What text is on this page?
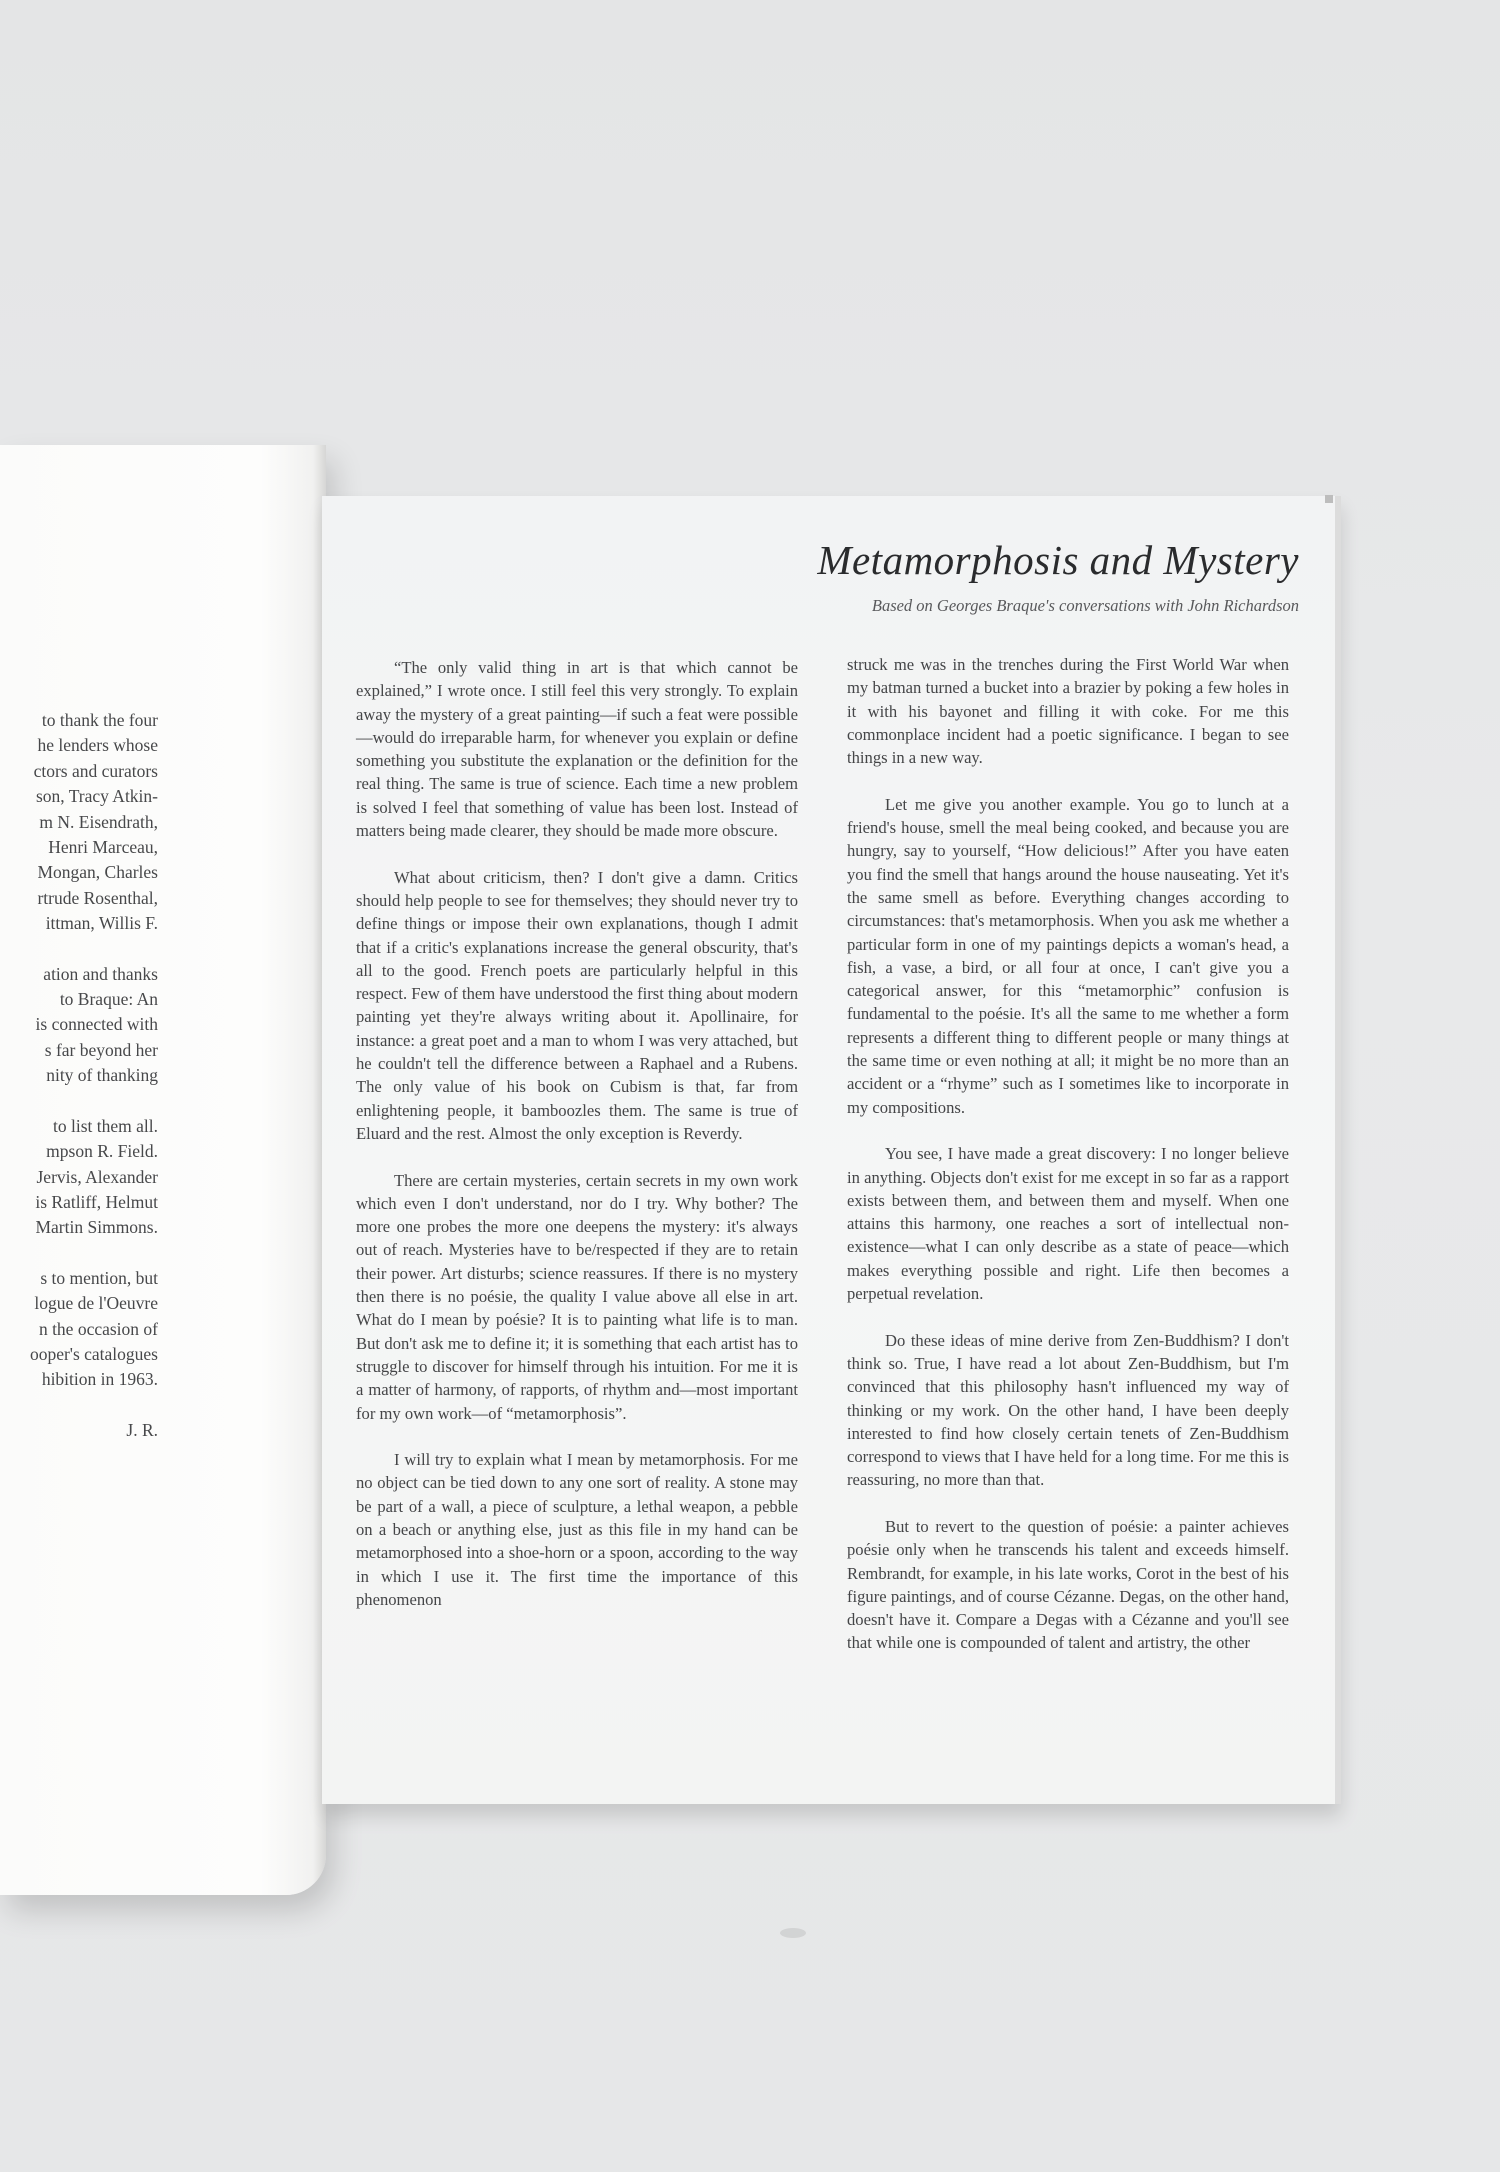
to thank the four
he lenders whose
ctors and curators
son, Tracy Atkin-
m N. Eisendrath,
Henri Marceau,
Mongan, Charles
rtrude Rosenthal,
ittman, Willis F.
ation and thanks
to Braque: An
is connected with
s far beyond her
nity of thanking
to list them all.
mpson R. Field.
Jervis, Alexander
is Ratliff, Helmut
Martin Simmons.
s to mention, but
logue de l'Oeuvre
n the occasion of
ooper's catalogues
hibition in 1963.
J. R.
Metamorphosis and Mystery

Based on Georges Braque's conversations with John Richardson

“The only valid thing in art is that which cannot be explained,” I wrote once. I still feel this very strongly. To explain away the mystery of a great painting—if such a feat were possible—would do irreparable harm, for whenever you explain or define something you substitute the explanation or the definition for the real thing. The same is true of science. Each time a new problem is solved I feel that something of value has been lost. Instead of matters being made clearer, they should be made more obscure.

What about criticism, then? I don't give a damn. Critics should help people to see for themselves; they should never try to define things or impose their own explanations, though I admit that if a critic's explanations increase the general obscurity, that's all to the good. French poets are particularly helpful in this respect. Few of them have understood the first thing about modern painting yet they're always writing about it. Apollinaire, for instance: a great poet and a man to whom I was very attached, but he couldn't tell the difference between a Raphael and a Rubens. The only value of his book on Cubism is that, far from enlightening people, it bamboozles them. The same is true of Eluard and the rest. Almost the only exception is Reverdy.

There are certain mysteries, certain secrets in my own work which even I don't understand, nor do I try. Why bother? The more one probes the more one deepens the mystery: it's always out of reach. Mysteries have to be/respected if they are to retain their power. Art disturbs; science reassures. If there is no mystery then there is no poésie, the quality I value above all else in art. What do I mean by poésie? It is to painting what life is to man. But don't ask me to define it; it is something that each artist has to struggle to discover for himself through his intuition. For me it is a matter of harmony, of rapports, of rhythm and—most important for my own work—of “metamorphosis”.

I will try to explain what I mean by metamorphosis. For me no object can be tied down to any one sort of reality. A stone may be part of a wall, a piece of sculpture, a lethal weapon, a pebble on a beach or anything else, just as this file in my hand can be metamorphosed into a shoe-horn or a spoon, according to the way in which I use it. The first time the importance of this phenomenon

struck me was in the trenches during the First World War when my batman turned a bucket into a brazier by poking a few holes in it with his bayonet and filling it with coke. For me this commonplace incident had a poetic significance. I began to see things in a new way.

Let me give you another example. You go to lunch at a friend's house, smell the meal being cooked, and because you are hungry, say to yourself, “How delicious!” After you have eaten you find the smell that hangs around the house nauseating. Yet it's the same smell as before. Everything changes according to circumstances: that's metamorphosis. When you ask me whether a particular form in one of my paintings depicts a woman's head, a fish, a vase, a bird, or all four at once, I can't give you a categorical answer, for this “metamorphic” confusion is fundamental to the poésie. It's all the same to me whether a form represents a different thing to different people or many things at the same time or even nothing at all; it might be no more than an accident or a “rhyme” such as I sometimes like to incorporate in my compositions.

You see, I have made a great discovery: I no longer believe in anything. Objects don't exist for me except in so far as a rapport exists between them, and between them and myself. When one attains this harmony, one reaches a sort of intellectual non-existence—what I can only describe as a state of peace—which makes everything possible and right. Life then becomes a perpetual revelation.

Do these ideas of mine derive from Zen-Buddhism? I don't think so. True, I have read a lot about Zen-Buddhism, but I'm convinced that this philosophy hasn't influenced my way of thinking or my work. On the other hand, I have been deeply interested to find how closely certain tenets of Zen-Buddhism correspond to views that I have held for a long time. For me this is reassuring, no more than that.

But to revert to the question of poésie: a painter achieves poésie only when he transcends his talent and exceeds himself. Rembrandt, for example, in his late works, Corot in the best of his figure paintings, and of course Cézanne. Degas, on the other hand, doesn't have it. Compare a Degas with a Cézanne and you'll see that while one is compounded of talent and artistry, the other
